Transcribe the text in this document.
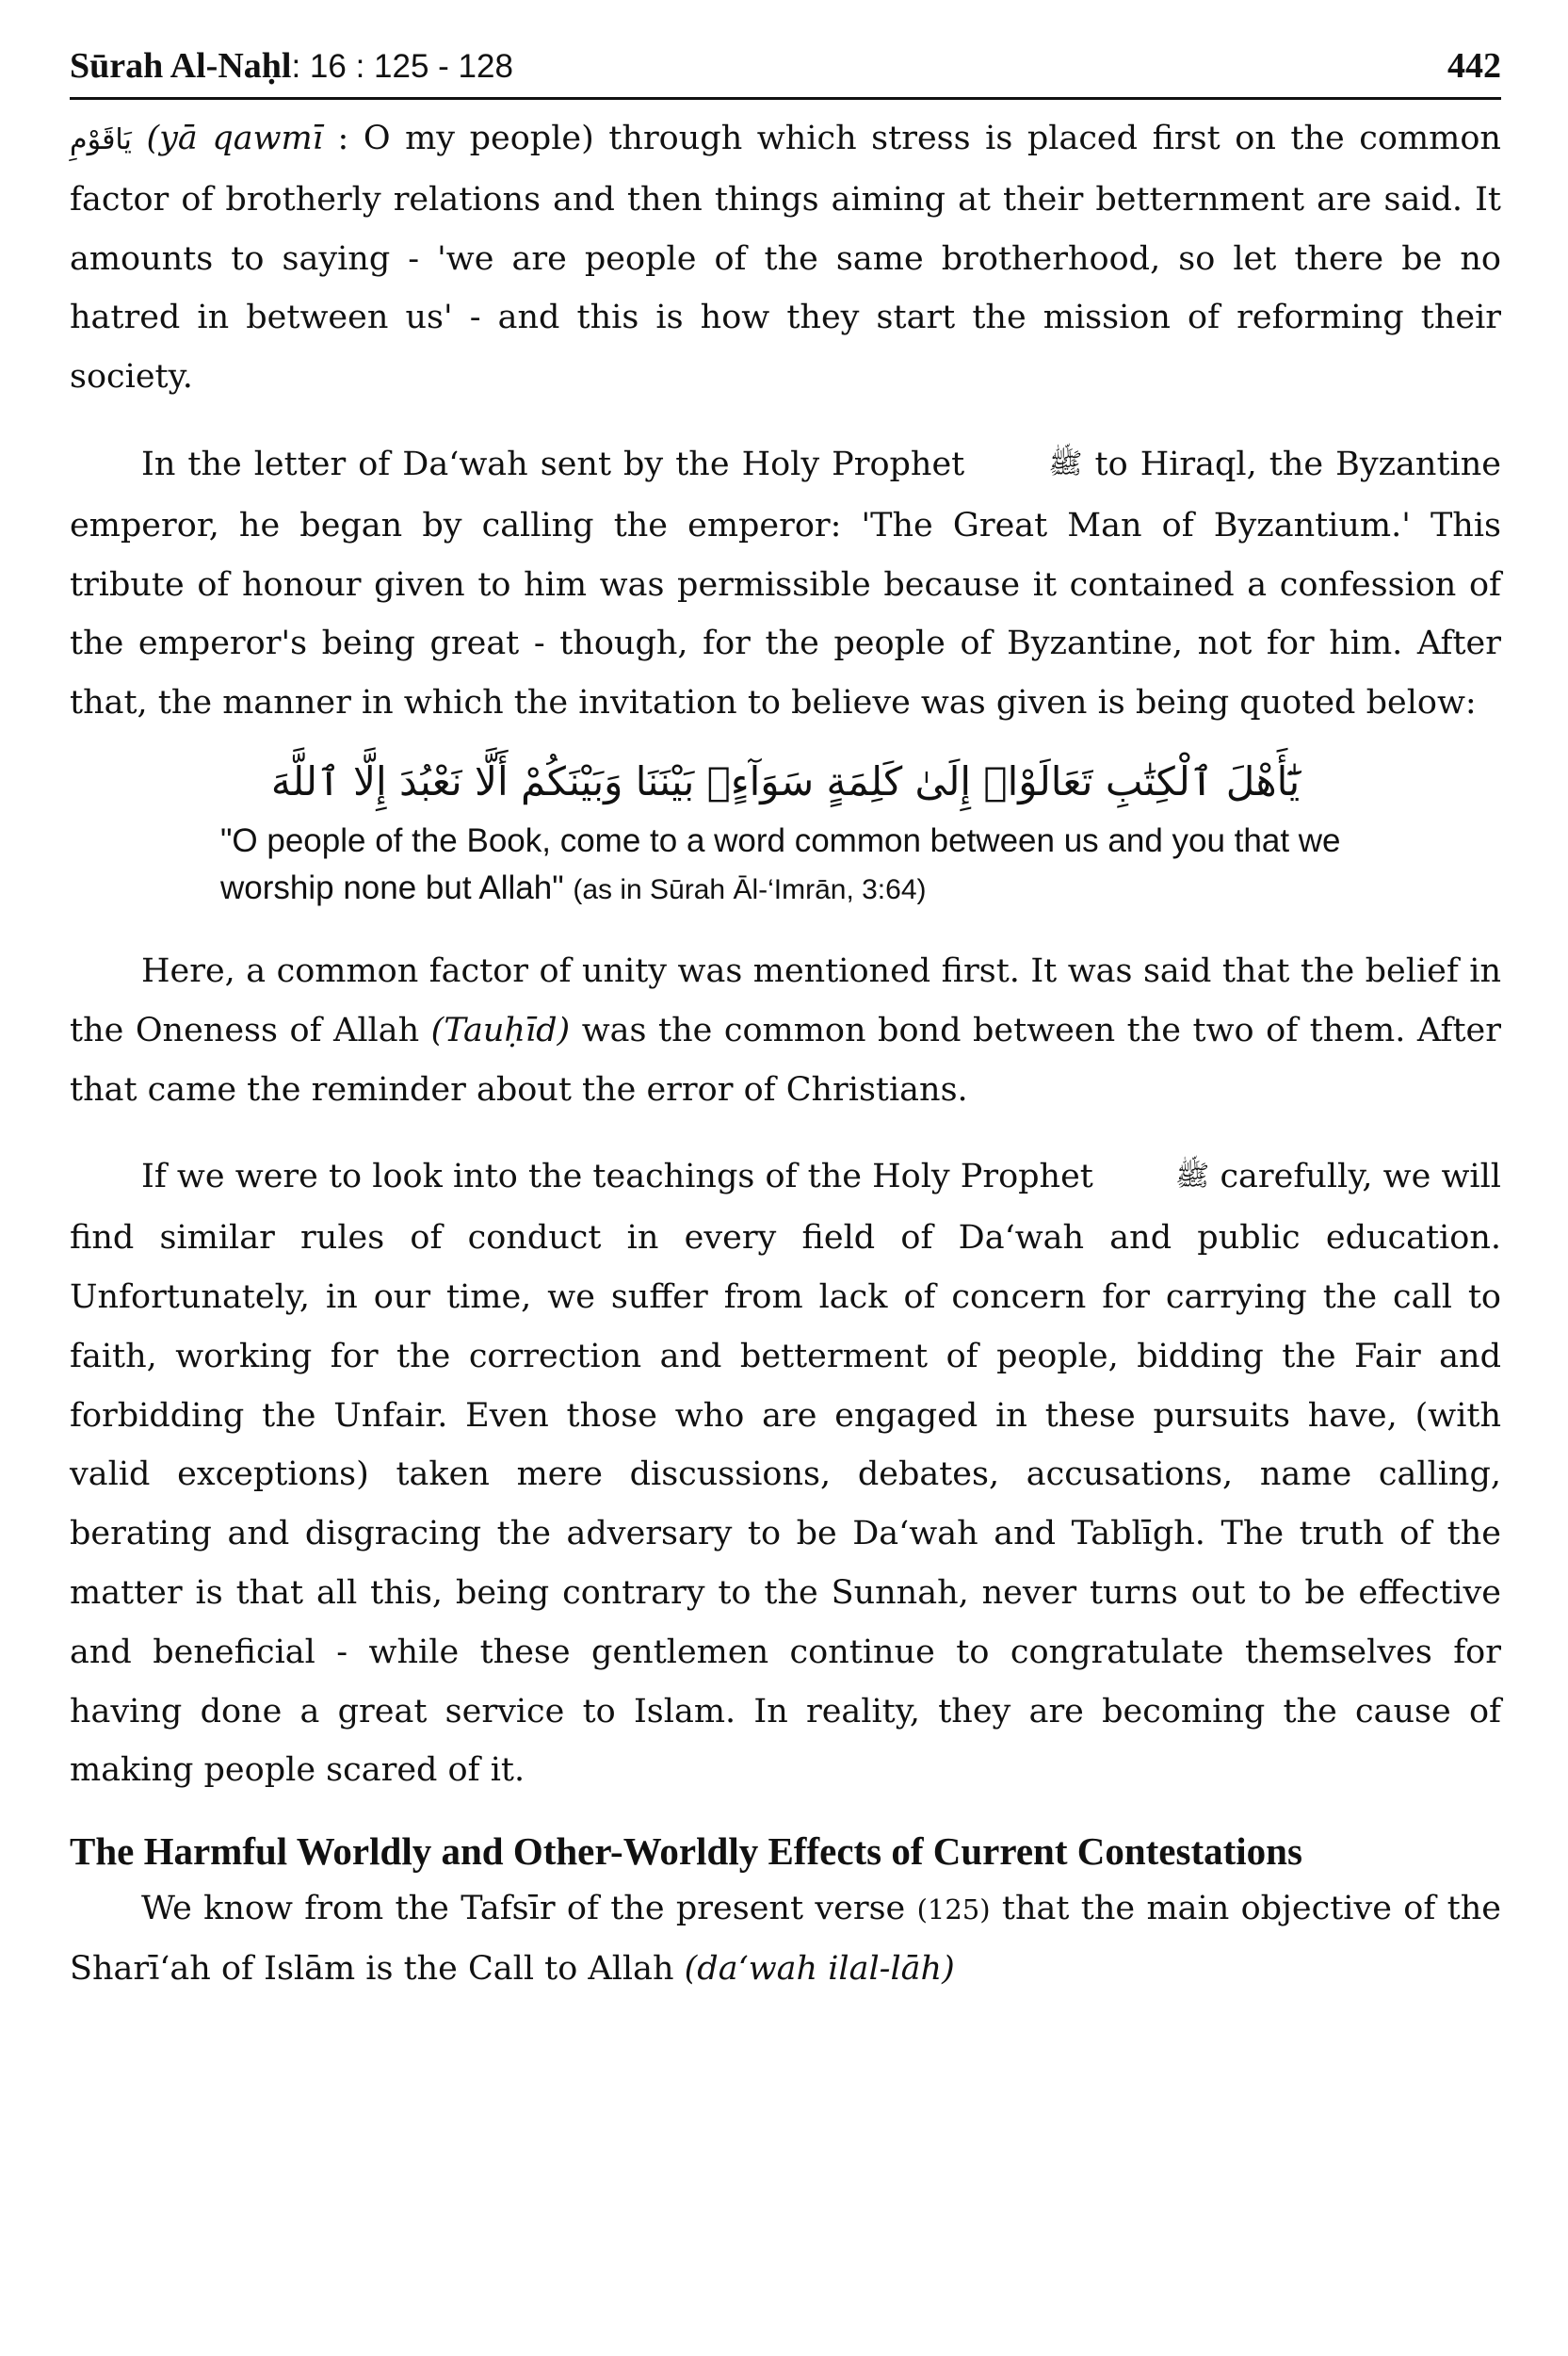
Sūrah Al-Naḥl: 16 : 125 - 128	442

يَاقَوْمِ (yā qawmī : O my people) through which stress is placed first on the common factor of brotherly relations and then things aiming at their betternment are said. It amounts to saying - 'we are people of the same brotherhood, so let there be no hatred in between us' - and this is how they start the mission of reforming their society.

In the letter of Da‘wah sent by the Holy Prophet	ﷺ to Hiraql, the Byzantine emperor, he began by calling the emperor: 'The Great Man of Byzantium.' This tribute of honour given to him was permissible because it contained a confession of the emperor's being great - though, for the people of Byzantine, not for him. After that, the manner in which the invitation to believe was given is being quoted below:

يَٰٓأَهْلَ ٱلْكِتَٰبِ تَعَالَوْا۟ إِلَىٰ كَلِمَةٍ سَوَآءٍۭ بَيْنَنَا وَبَيْنَكُمْ أَلَّا نَعْبُدَ إِلَّا ٱللَّهَ

"O people of the Book, come to a word common between us and you that we worship none but Allah" (as in Sūrah Āl-‘Imrān, 3:64)

Here, a common factor of unity was mentioned first. It was said that the belief in the Oneness of Allah (Tauḥīd) was the common bond between the two of them. After that came the reminder about the error of Christians.

If we were to look into the teachings of the Holy Prophet	ﷺ carefully, we will find similar rules of conduct in every field of Da‘wah and public education. Unfortunately, in our time, we suffer from lack of concern for carrying the call to faith, working for the correction and betterment of people, bidding the Fair and forbidding the Unfair. Even those who are engaged in these pursuits have, (with valid exceptions) taken mere discussions, debates, accusations, name calling, berating and disgracing the adversary to be Da‘wah and Tablīgh. The truth of the matter is that all this, being contrary to the Sunnah, never turns out to be effective and beneficial - while these gentlemen continue to congratulate themselves for having done a great service to Islam. In reality, they are becoming the cause of making people scared of it.

The Harmful Worldly and Other-Worldly Effects of Current Contestations

We know from the Tafsīr of the present verse (125) that the main objective of the Sharī‘ah of Islām is the Call to Allah (da‘wah ilal-lāh)
